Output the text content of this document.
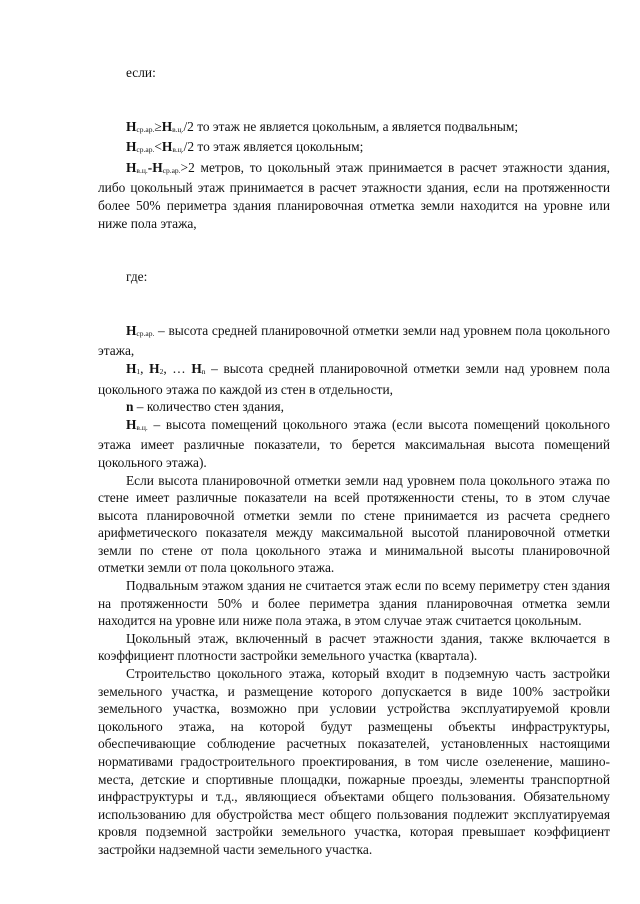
если:

Нср.ар.≥Нв.ц./2 то этаж не является цокольным, а является подвальным;

Нср.ар.<Нв.ц./2 то этаж является цокольным;

Нв.ц.-Нср.ар.>2 метров, то цокольный этаж принимается в расчет этажности здания, либо цокольный этаж принимается в расчет этажности здания, если на протяженности более 50% периметра здания планировочная отметка земли находится на уровне или ниже пола этажа,

где:

Нср.ар. – высота средней планировочной отметки земли над уровнем пола цокольного этажа,

Н1, Н2, … Нn – высота средней планировочной отметки земли над уровнем пола цокольного этажа по каждой из стен в отдельности,

n – количество стен здания,

Нв.ц. – высота помещений цокольного этажа (если высота помещений цокольного этажа имеет различные показатели, то берется максимальная высота помещений цокольного этажа).

Если высота планировочной отметки земли над уровнем пола цокольного этажа по стене имеет различные показатели на всей протяженности стены, то в этом случае высота планировочной отметки земли по стене принимается из расчета среднего арифметического показателя между максимальной высотой планировочной отметки земли по стене от пола цокольного этажа и минимальной высоты планировочной отметки земли от пола цокольного этажа.

Подвальным этажом здания не считается этаж если по всему периметру стен здания на протяженности 50% и более периметра здания планировочная отметка земли находится на уровне или ниже пола этажа, в этом случае этаж считается цокольным.

Цокольный этаж, включенный в расчет этажности здания, также включается в коэффициент плотности застройки земельного участка (квартала).

Строительство цокольного этажа, который входит в подземную часть застройки земельного участка, и размещение которого допускается в виде 100% застройки земельного участка, возможно при условии устройства эксплуатируемой кровли цокольного этажа, на которой будут размещены объекты инфраструктуры, обеспечивающие соблюдение расчетных показателей, установленных настоящими нормативами градостроительного проектирования, в том числе озеленение, машино-места, детские и спортивные площадки, пожарные проезды, элементы транспортной инфраструктуры и т.д., являющиеся объектами общего пользования. Обязательному использованию для обустройства мест общего пользования подлежит эксплуатируемая кровля подземной застройки земельного участка, которая превышает коэффициент застройки надземной части земельного участка.
